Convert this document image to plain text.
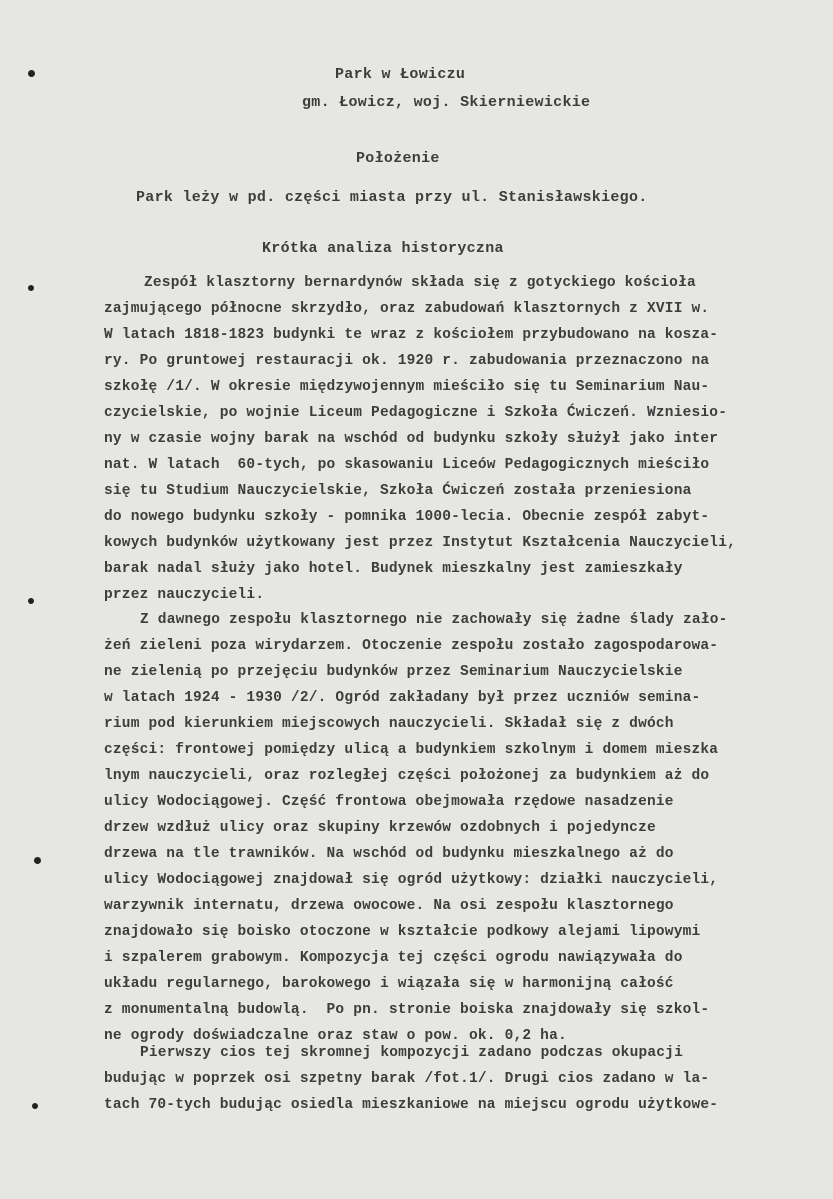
Park w Łowiczu
gm. Łowicz, woj. Skierniewickie
Położenie
Park leży w pd. części miasta przy ul. Stanisławskiego.
Krótka analiza historyczna
Zespół klasztorny bernardynów składa się z gotyckiego kościoła
zajmującego północne skrzydło, oraz zabudowań klasztornych z XVII w.
W latach 1818-1823 budynki te wraz z kościołem przybudowano na kosza-
ry. Po gruntowej restauracji ok. 1920 r. zabudowania przeznaczono na
szkołę /1/. W okresie międzywojennym mieściło się tu Seminarium Nau-
czycielskie, po wojnie Liceum Pedagogiczne i Szkoła Ćwiczeń. Wzniesio-
ny w czasie wojny barak na wschód od budynku szkoły służył jako inter
nat. W latach  60-tych, po skasowaniu Liceów Pedagogicznych mieściło
się tu Studium Nauczycielskie, Szkoła Ćwiczeń została przeniesiona
do nowego budynku szkoły - pomnika 1000-lecia. Obecnie zespół zabyt-
kowych budynków użytkowany jest przez Instytut Kształcenia Nauczycieli,
barak nadal służy jako hotel. Budynek mieszkalny jest zamieszkały
przez nauczycieli.
Z dawnego zespołu klasztornego nie zachowały się żadne ślady zało-
żeń zieleni poza wirydarzem. Otoczenie zespołu zostało zagospodarowa-
ne zielenią po przejęciu budynków przez Seminarium Nauczycielskie
w latach 1924 - 1930 /2/. Ogród zakładany był przez uczniów semina-
rium pod kierunkiem miejscowych nauczycieli. Składał się z dwóch
części: frontowej pomiędzy ulicą a budynkiem szkolnym i domem mieszka
lnym nauczycieli, oraz rozległej części położonej za budynkiem aż do
ulicy Wodociągowej. Część frontowa obejmowała rzędowe nasadzenie
drzew wzdłuż ulicy oraz skupiny krzewów ozdobnych i pojedyncze
drzewa na tle trawników. Na wschód od budynku mieszkalnego aż do
ulicy Wodociągowej znajdował się ogród użytkowy: działki nauczycieli,
warzywnik internatu, drzewa owocowe. Na osi zespołu klasztornego
znajdowało się boisko otoczone w kształcie podkowy alejami lipowymi
i szpalerem grabowym. Kompozycja tej części ogrodu nawiązywała do
układu regularnego, barokowego i wiązała się w harmonijną całość
z monumentalną budowlą.  Po pn. stronie boiska znajdowały się szkol-
ne ogrody doświadczalne oraz staw o pow. ok. 0,2 ha.
Pierwszy cios tej skromnej kompozycji zadano podczas okupacji
budując w poprzek osi szpetny barak /fot.1/. Drugi cios zadano w la-
tach 70-tych budując osiedla mieszkaniowe na miejscu ogrodu użytkowe-
